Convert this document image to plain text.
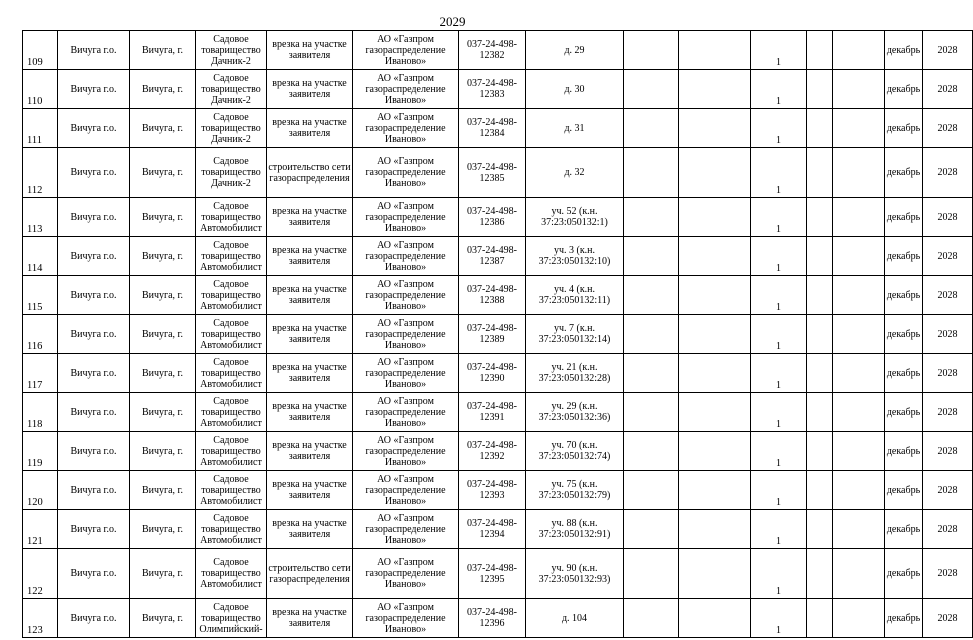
2029
109	Вичуга г.о.	Вичуга, г.	Садовое товарищество Дачник-2	врезка на участке заявителя	АО «Газпром газораспределение Иваново»	037-24-498-12382	д. 29			1			декабрь	2028
110	Вичуга г.о.	Вичуга, г.	Садовое товарищество Дачник-2	врезка на участке заявителя	АО «Газпром газораспределение Иваново»	037-24-498-12383	д. 30			1			декабрь	2028
111	Вичуга г.о.	Вичуга, г.	Садовое товарищество Дачник-2	врезка на участке заявителя	АО «Газпром газораспределение Иваново»	037-24-498-12384	д. 31			1			декабрь	2028
112	Вичуга г.о.	Вичуга, г.	Садовое товарищество Дачник-2	строительство сети газораспределения	АО «Газпром газораспределение Иваново»	037-24-498-12385	д. 32			1			декабрь	2028
113	Вичуга г.о.	Вичуга, г.	Садовое товарищество Автомобилист	врезка на участке заявителя	АО «Газпром газораспределение Иваново»	037-24-498-12386	уч. 52 (к.н. 37:23:050132:1)			1			декабрь	2028
114	Вичуга г.о.	Вичуга, г.	Садовое товарищество Автомобилист	врезка на участке заявителя	АО «Газпром газораспределение Иваново»	037-24-498-12387	уч. 3 (к.н. 37:23:050132:10)			1			декабрь	2028
115	Вичуга г.о.	Вичуга, г.	Садовое товарищество Автомобилист	врезка на участке заявителя	АО «Газпром газораспределение Иваново»	037-24-498-12388	уч. 4 (к.н. 37:23:050132:11)			1			декабрь	2028
116	Вичуга г.о.	Вичуга, г.	Садовое товарищество Автомобилист	врезка на участке заявителя	АО «Газпром газораспределение Иваново»	037-24-498-12389	уч. 7 (к.н. 37:23:050132:14)			1			декабрь	2028
117	Вичуга г.о.	Вичуга, г.	Садовое товарищество Автомобилист	врезка на участке заявителя	АО «Газпром газораспределение Иваново»	037-24-498-12390	уч. 21 (к.н. 37:23:050132:28)			1			декабрь	2028
118	Вичуга г.о.	Вичуга, г.	Садовое товарищество Автомобилист	врезка на участке заявителя	АО «Газпром газораспределение Иваново»	037-24-498-12391	уч. 29 (к.н. 37:23:050132:36)			1			декабрь	2028
119	Вичуга г.о.	Вичуга, г.	Садовое товарищество Автомобилист	врезка на участке заявителя	АО «Газпром газораспределение Иваново»	037-24-498-12392	уч. 70 (к.н. 37:23:050132:74)			1			декабрь	2028
120	Вичуга г.о.	Вичуга, г.	Садовое товарищество Автомобилист	врезка на участке заявителя	АО «Газпром газораспределение Иваново»	037-24-498-12393	уч. 75 (к.н. 37:23:050132:79)			1			декабрь	2028
121	Вичуга г.о.	Вичуга, г.	Садовое товарищество Автомобилист	врезка на участке заявителя	АО «Газпром газораспределение Иваново»	037-24-498-12394	уч. 88 (к.н. 37:23:050132:91)			1			декабрь	2028
122	Вичуга г.о.	Вичуга, г.	Садовое товарищество Автомобилист	строительство сети газораспределения	АО «Газпром газораспределение Иваново»	037-24-498-12395	уч. 90 (к.н. 37:23:050132:93)			1			декабрь	2028
123	Вичуга г.о.	Вичуга, г.	Садовое товарищество Олимпийский-	врезка на участке заявителя	АО «Газпром газораспределение Иваново»	037-24-498-12396	д. 104			1			декабрь	2028
